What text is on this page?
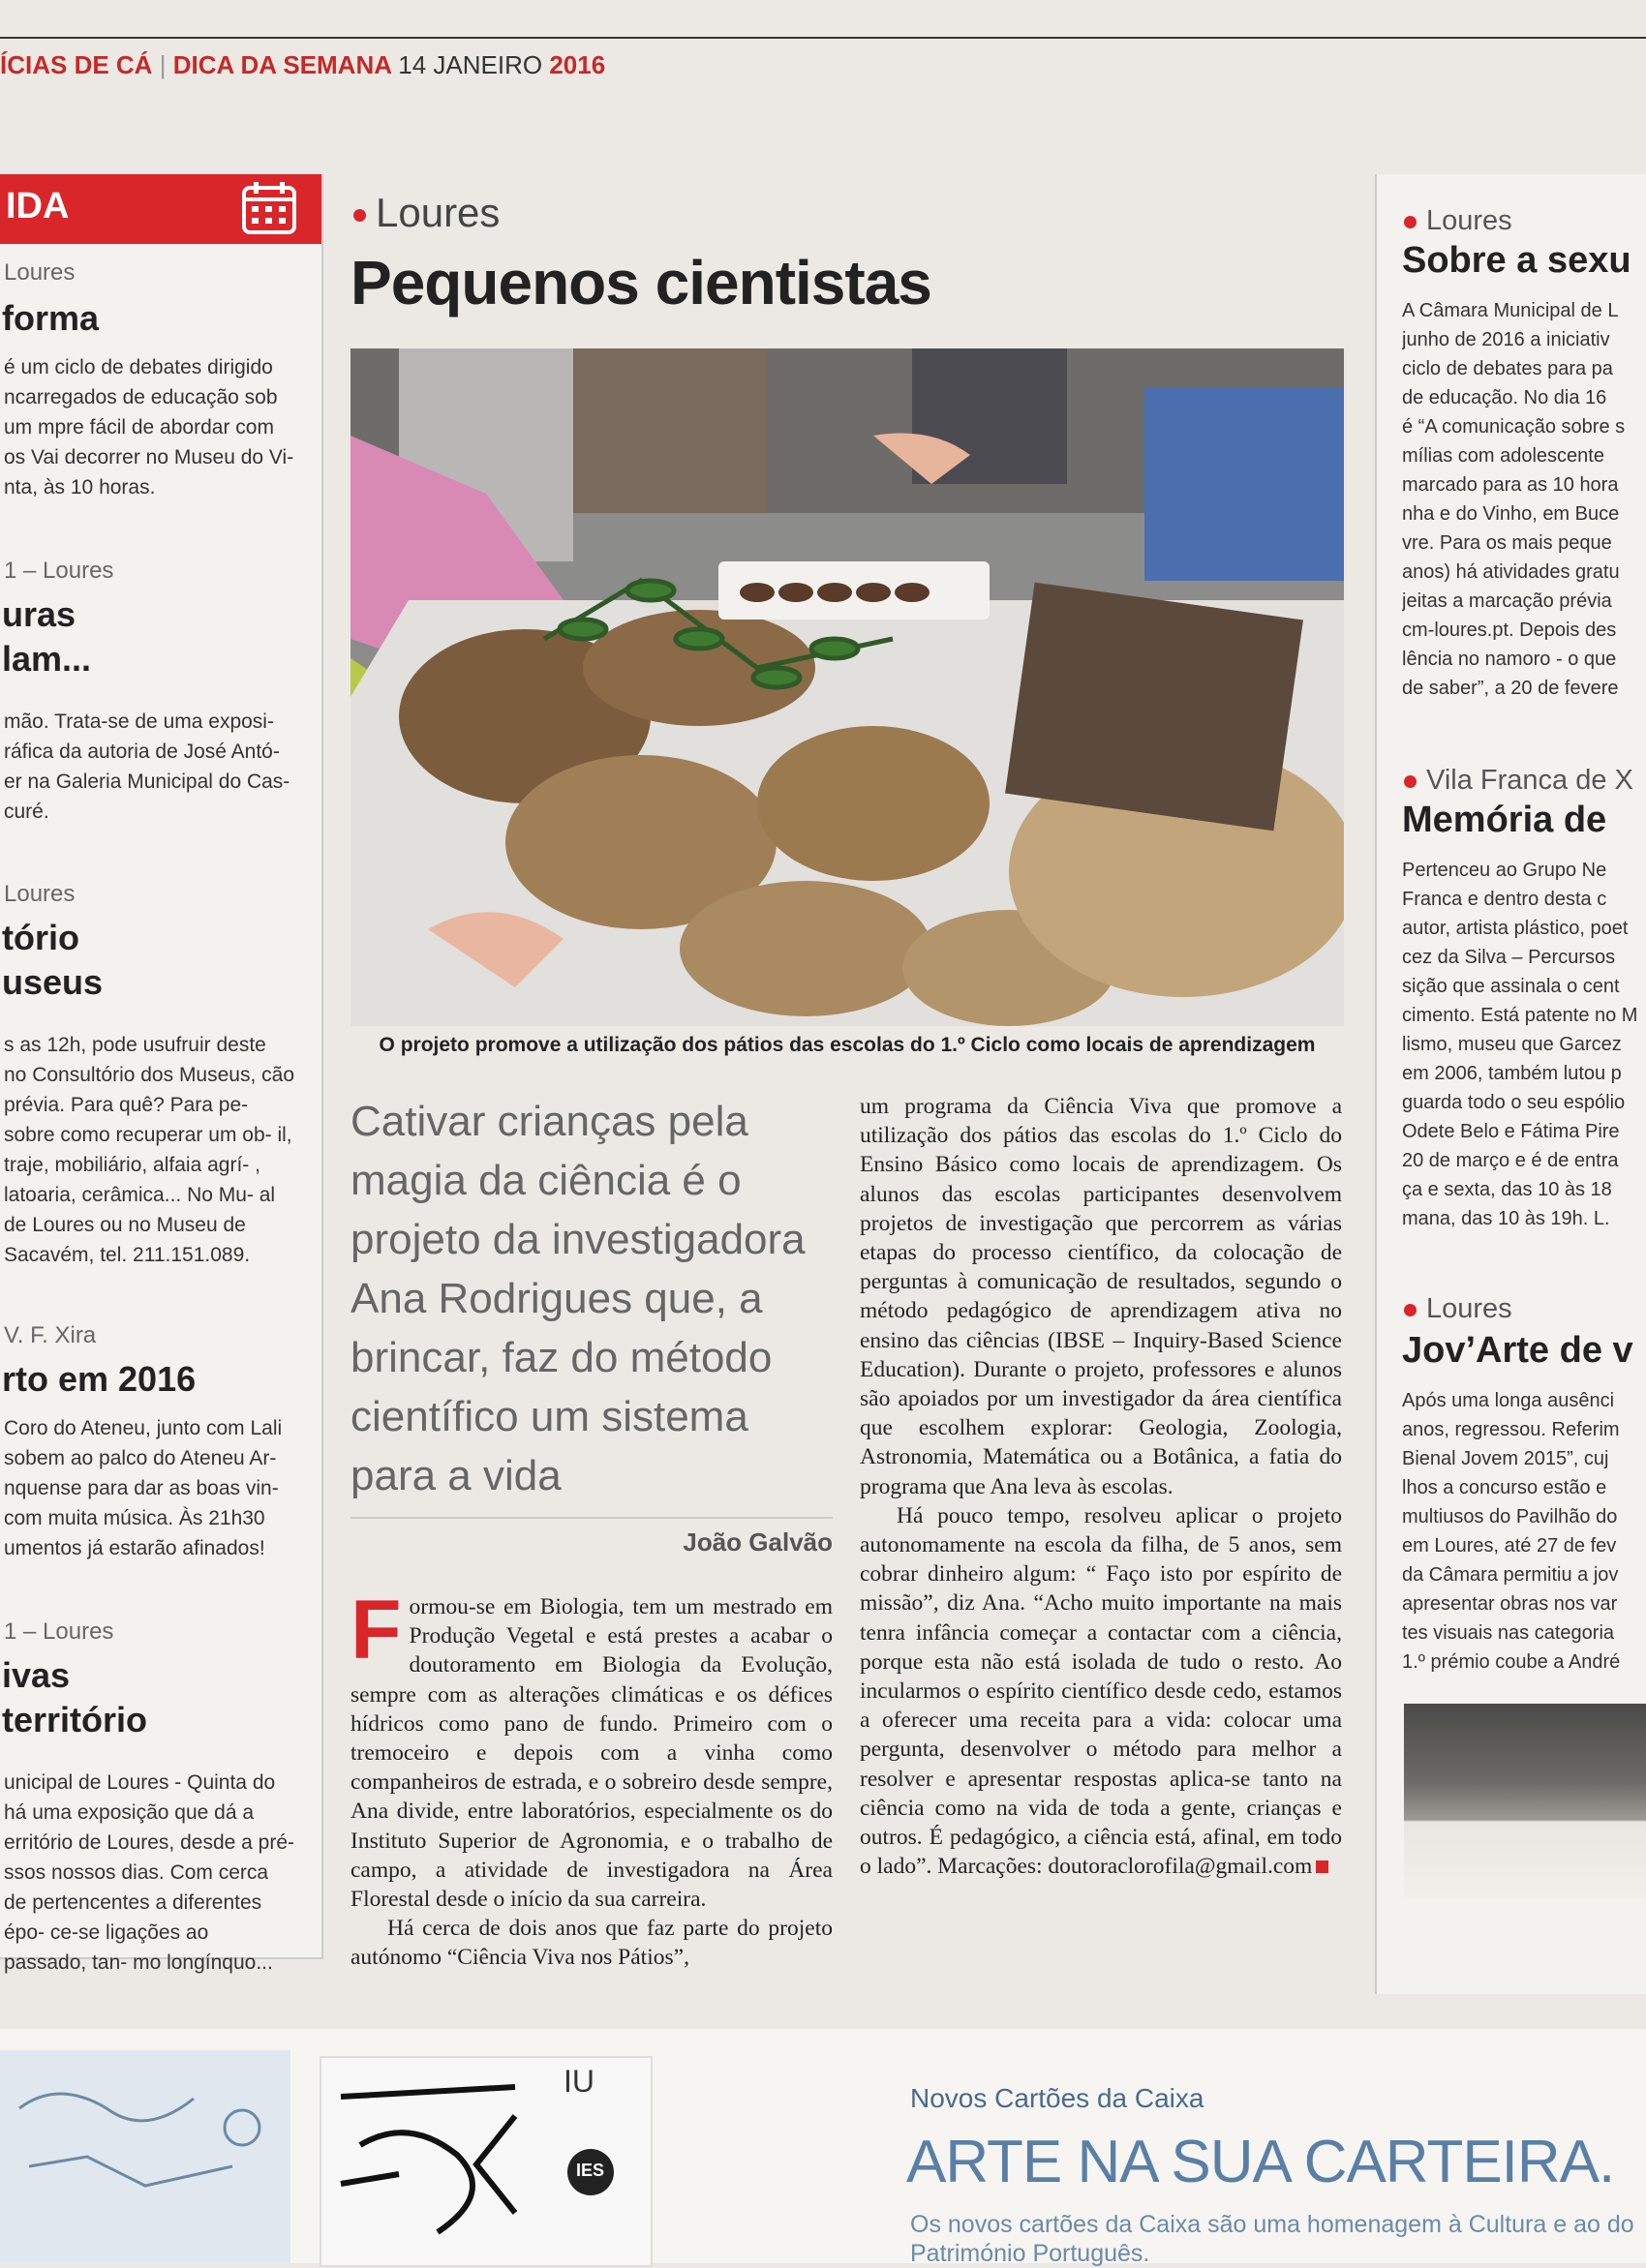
ÍCIAS DE CÁ | DICA DA SEMANA 14 JANEIRO 2016
IDA
Loures
forma
é um ciclo de debates dirigido ncarregados de educação sob um mpre fácil de abordar com os Vai decorrer no Museu do Vi- nta, às 10 horas.
1 – Loures
uras
lam...
mão. Trata-se de uma exposi- ráfica da autoria de José Antó- er na Galeria Municipal do Cas- curé.
Loures
tório
useus
s as 12h, pode usufruir deste no Consultório dos Museus, cão prévia. Para quê? Para pe- sobre como recuperar um ob- il, traje, mobiliário, alfaia agrí- , latoaria, cerâmica... No Mu- al de Loures ou no Museu de Sacavém, tel. 211.151.089.
V. F. Xira
rto em 2016
Coro do Ateneu, junto com Lali sobem ao palco do Ateneu Ar- nquense para dar as boas vin- com muita música. Às 21h30 umentos já estarão afinados!
1 – Loures
ivas
território
unicipal de Loures - Quinta do há uma exposição que dá a erritório de Loures, desde a pré- ssos nossos dias. Com cerca de pertencentes a diferentes épo- ce-se ligações ao passado, tan- mo longínquo...
Loures
Pequenos cientistas
O projeto promove a utilização dos pátios das escolas do 1.º Ciclo como locais de aprendizagem
Cativar crianças pela magia da ciência é o projeto da investigadora Ana Rodrigues que, a brincar, faz do método científico um sistema para a vida
João Galvão
Formou-se em Biologia, tem um mestrado em Produção Vegetal e está prestes a acabar o doutoramento em Biologia da Evolução, sempre com as alterações climáticas e os défices hídricos como pano de fundo. Primeiro com o tremoceiro e depois com a vinha como companheiros de estrada, e o sobreiro desde sempre, Ana divide, entre laboratórios, especialmente os do Instituto Superior de Agronomia, e o trabalho de campo, a atividade de investigadora na Área Florestal desde o início da sua carreira.
Há cerca de dois anos que faz parte do projeto autónomo “Ciência Viva nos Pátios”,
um programa da Ciência Viva que promove a utilização dos pátios das escolas do 1.º Ciclo do Ensino Básico como locais de aprendizagem. Os alunos das escolas participantes desenvolvem projetos de investigação que percorrem as várias etapas do processo científico, da colocação de perguntas à comunicação de resultados, segundo o método pedagógico de aprendizagem ativa no ensino das ciências (IBSE – Inquiry-Based Science Education). Durante o projeto, professores e alunos são apoiados por um investigador da área científica que escolhem explorar: Geologia, Zoologia, Astronomia, Matemática ou a Botânica, a fatia do programa que Ana leva às escolas.
Há pouco tempo, resolveu aplicar o projeto autonomamente na escola da filha, de 5 anos, sem cobrar dinheiro algum: “ Faço isto por espírito de missão”, diz Ana. “Acho muito importante na mais tenra infância começar a contactar com a ciência, porque esta não está isolada de tudo o resto. Ao incularmos o espírito científico desde cedo, estamos a oferecer uma receita para a vida: colocar uma pergunta, desenvolver o método para melhor a resolver e apresentar respostas aplica-se tanto na ciência como na vida de toda a gente, crianças e outros. É pedagógico, a ciência está, afinal, em todo o lado”. Marcações: doutoraclorofila@gmail.com
Loures
Sobre a sexu
A Câmara Municipal de L
junho de 2016 a iniciativ
ciclo de debates para pa
de educação. No dia 16
é “A comunicação sobre s
mílias com adolescente
marcado para as 10 hora
nha e do Vinho, em Buce
vre. Para os mais peque
anos) há atividades gratu
jeitas a marcação prévia
cm-loures.pt. Depois des
lência no namoro - o que
de saber”, a 20 de fevere
Vila Franca de X
Memória de
Pertenceu ao Grupo Ne
Franca e dentro desta c
autor, artista plástico, poet
cez da Silva – Percursos
sição que assinala o cent
cimento. Está patente no M
lismo, museu que Garcez
em 2006, também lutou p
guarda todo o seu espólio
Odete Belo e Fátima Pire
20 de março e é de entra
ça e sexta, das 10 às 18
mana, das 10 às 19h. L.
Loures
Jov’Arte de v
Após uma longa ausênci
anos, regressou. Referim
Bienal Jovem 2015”, cuj
lhos a concurso estão e
multiusos do Pavilhão do
em Loures, até 27 de fev
da Câmara permitiu a jov
apresentar obras nos var
tes visuais nas categoria
1.º prémio coube a André
IU
IES
Novos Cartões da Caixa
ARTE NA SUA CARTEIRA.
Os novos cartões da Caixa são uma homenagem à Cultura e ao do Património Português.
